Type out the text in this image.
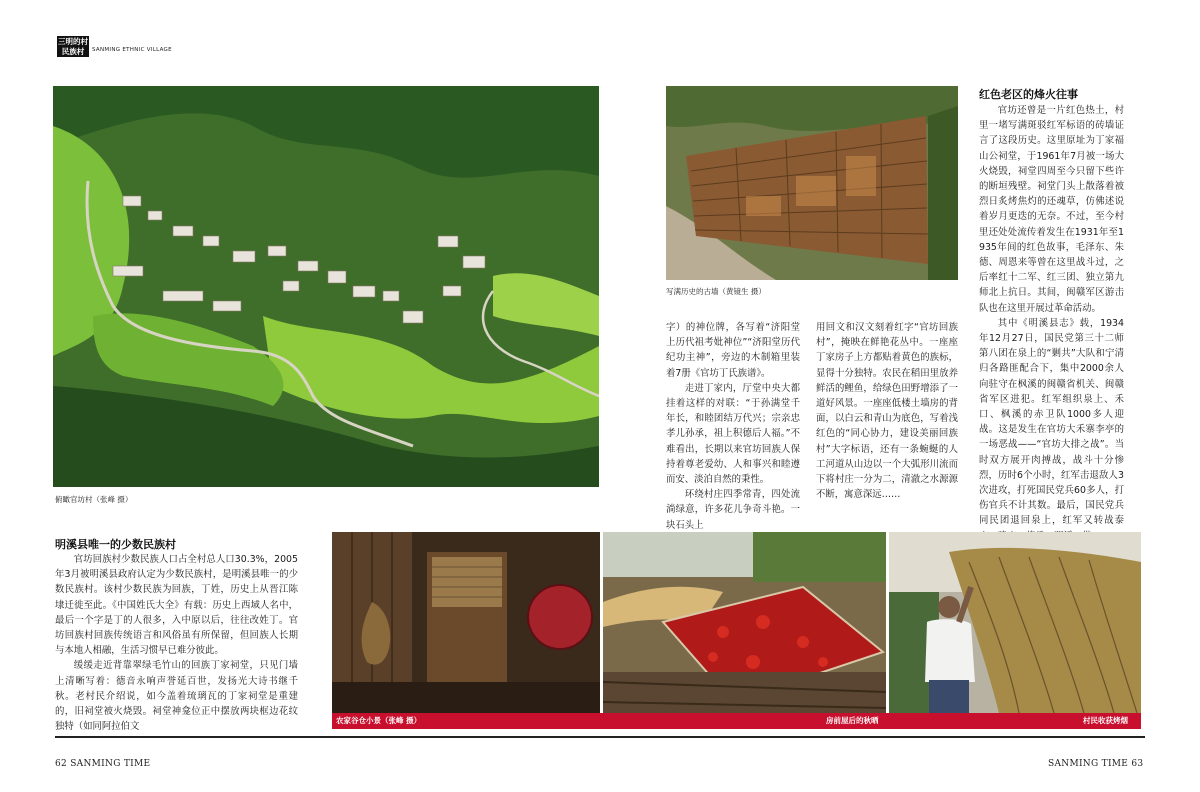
三明的村
民族村	SANMING ETHNIC VILLAGE
俯瞰官坊村（张峰 摄）
写满历史的古墙（黄镜生 摄）

字）的神位牌，各写着“济阳堂上历代祖考妣神位”“济阳堂历代纪功主神”，旁边的木制箱里装着7册《官坊丁氏族谱》。

走进丁家内，厅堂中央大都挂着这样的对联：“于孙满堂千年长，和睦团结万代兴；宗亲忠孝儿孙承，祖上积德后人福。”不难看出，长期以来官坊回族人保持着尊老爱幼、人和事兴和睦遵而安、淡泊自然的秉性。

环绕村庄四季常青，四处流淌绿意，许多花儿争奇斗艳。一块石头上

用回文和汉文刻着红字“官坊回族村”，掩映在鲜艳花丛中。一座座丁家房子上方都贴着黄色的族标，显得十分独特。农民在稻田里放养鲜活的鲤鱼，给绿色田野增添了一道好风景。一座座低楼土墙房的背面，以白云和青山为底色，写着浅红色的“同心协力，建设美丽回族村”大字标语，还有一条蜿蜒的人工河道从山边以一个大弧形川流而下将村庄一分为二，清澈之水源源不断，寓意深远……

红色老区的烽火往事

官坊还曾是一片红色热土，村里一堵写满斑驳红军标语的砖墙证言了这段历史。这里原址为丁家福山公祠堂，于1961年7月被一场大火烧毁，祠堂四周至今只留下些许的断垣残壁。祠堂门头上散落着被烈日炙烤焦灼的还魂草，仿佛述说着岁月更迭的无奈。不过，至今村里还处处流传着发生在1931年至1935年间的红色故事，毛泽东、朱德、周恩来等曾在这里战斗过，之后率红十二军、红三团、独立第九师北上抗日。其间，闽赣军区游击队也在这里开展过革命活动。

其中《明溪县志》载，1934年12月27日，国民党第三十二师第八团在泉上的“剿共”大队和宁清归各路匪配合下，集中2000余人向驻守在枫溪的闽赣省机关、闽赣省军区进犯。红军组织泉上、禾口、枫溪的赤卫队1000多人迎战。这是发生在官坊大禾寨李亭的一场恶战——“官坊大排之战”。当时双方展开肉搏战，战斗十分惨烈，历时6个小时，红军击退敌人3次进攻，打死国民党兵60多人，打伤官兵不计其数。最后，国民党兵同民团退回泉上，红军又转战泰

明溪县唯一的少数民族村

官坊回族村少数民族人口占全村总人口30.3%，2005年3月被明溪县政府认定为少数民族村，是明溪县唯一的少数民族村。该村少数民族为回族，丁姓，历史上从晋江陈埭迁徙至此。《中国姓氏大全》有载：历史上西域人名中，最后一个字是丁的人很多，入中原以后，往往改姓丁。官坊回族村回族传统语言和风俗虽有所保留，但回族人长期与本地人相融，生活习惯早已难分彼此。

缓缓走近背靠翠绿毛竹山的回族丁家祠堂，只见门墙上清晰写着：德音永响声誉延百世，发扬光大诗书继千秋。老村民介绍说，如今盖着琉璃瓦的丁家祠堂是重建的，旧祠堂被火烧毁。祠堂神龛位正中摆放两块框边花纹独特（如同阿拉伯文

农家谷仓小景（张峰 摄）	房前屋后的秋晒	村民收获烤烟
62 SANMING TIME	SANMING TIME 63
